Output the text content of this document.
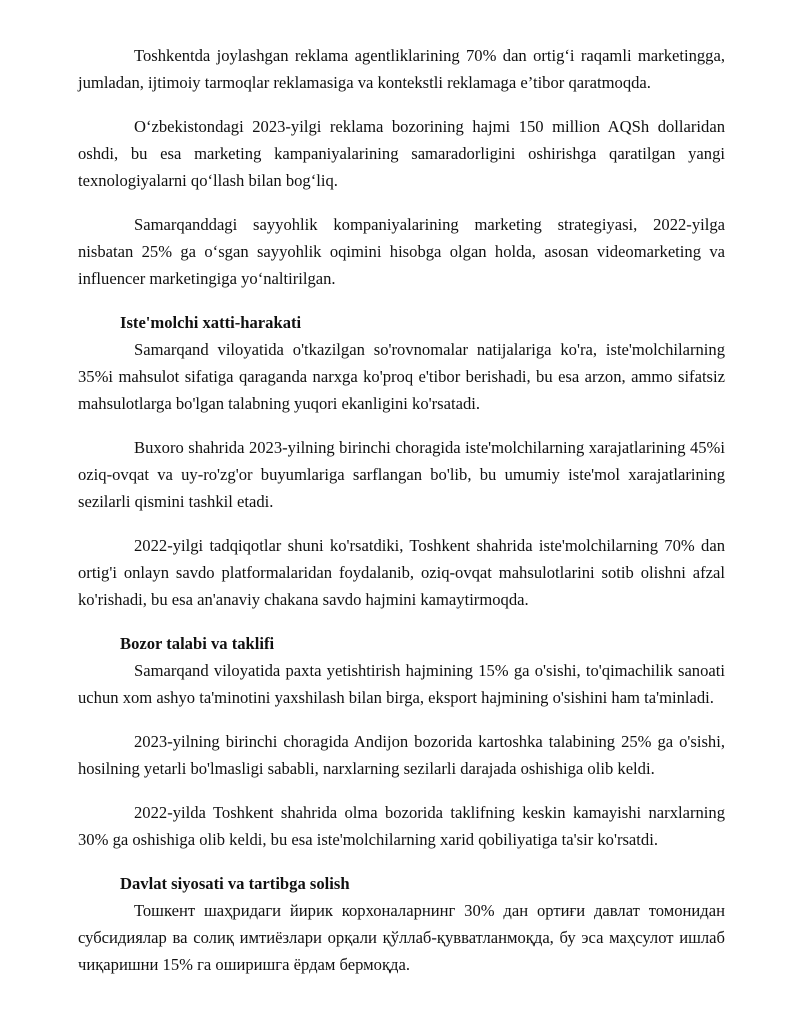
Toshkentda joylashgan reklama agentliklarining 70% dan ortig‘i raqamli marketingga, jumladan, ijtimoiy tarmoqlar reklamasiga va kontekstli reklamaga e’tibor qaratmoqda.

O‘zbekistondagi 2023-yilgi reklama bozorining hajmi 150 million AQSh dollaridan oshdi, bu esa marketing kampaniyalarining samaradorligini oshirishga qaratilgan yangi texnologiyalarni qo‘llash bilan bog‘liq.

Samarqanddagi sayyohlik kompaniyalarining marketing strategiyasi, 2022-yilga nisbatan 25% ga o‘sgan sayyohlik oqimini hisobga olgan holda, asosan videomarketing va influencer marketingiga yo‘naltirilgan.

Iste'molchi xatti-harakati

Samarqand viloyatida o'tkazilgan so'rovnomalar natijalariga ko'ra, iste'molchilarning 35%i mahsulot sifatiga qaraganda narxga ko'proq e'tibor berishadi, bu esa arzon, ammo sifatsiz mahsulotlarga bo'lgan talabning yuqori ekanligini ko'rsatadi.

Buxoro shahrida 2023-yilning birinchi choragida iste'molchilarning xarajatlarining 45%i oziq-ovqat va uy-ro'zg'or buyumlariga sarflangan bo'lib, bu umumiy iste'mol xarajatlarining sezilarli qismini tashkil etadi.

2022-yilgi tadqiqotlar shuni ko'rsatdiki, Toshkent shahrida iste'molchilarning 70% dan ortig'i onlayn savdo platformalaridan foydalanib, oziq-ovqat mahsulotlarini sotib olishni afzal ko'rishadi, bu esa an'anaviy chakana savdo hajmini kamaytirmoqda.

Bozor talabi va taklifi

Samarqand viloyatida paxta yetishtirish hajmining 15% ga o'sishi, to'qimachilik sanoati uchun xom ashyo ta'minotini yaxshilash bilan birga, eksport hajmining o'sishini ham ta'minladi.

2023-yilning birinchi choragida Andijon bozorida kartoshka talabining 25% ga o'sishi, hosilning yetarli bo'lmasligi sababli, narxlarning sezilarli darajada oshishiga olib keldi.

2022-yilda Toshkent shahrida olma bozorida taklifning keskin kamayishi narxlarning 30% ga oshishiga olib keldi, bu esa iste'molchilarning xarid qobiliyatiga ta'sir ko'rsatdi.

Davlat siyosati va tartibga solish

Тошкент шаҳридаги йирик корхоналарнинг 30% дан ортиғи давлат томонидан субсидиялар ва солиқ имтиёзлари орқали қўллаб-қувватланмоқда, бу эса маҳсулот ишлаб чиқаришни 15% га оширишга ёрдам бермоқда.
